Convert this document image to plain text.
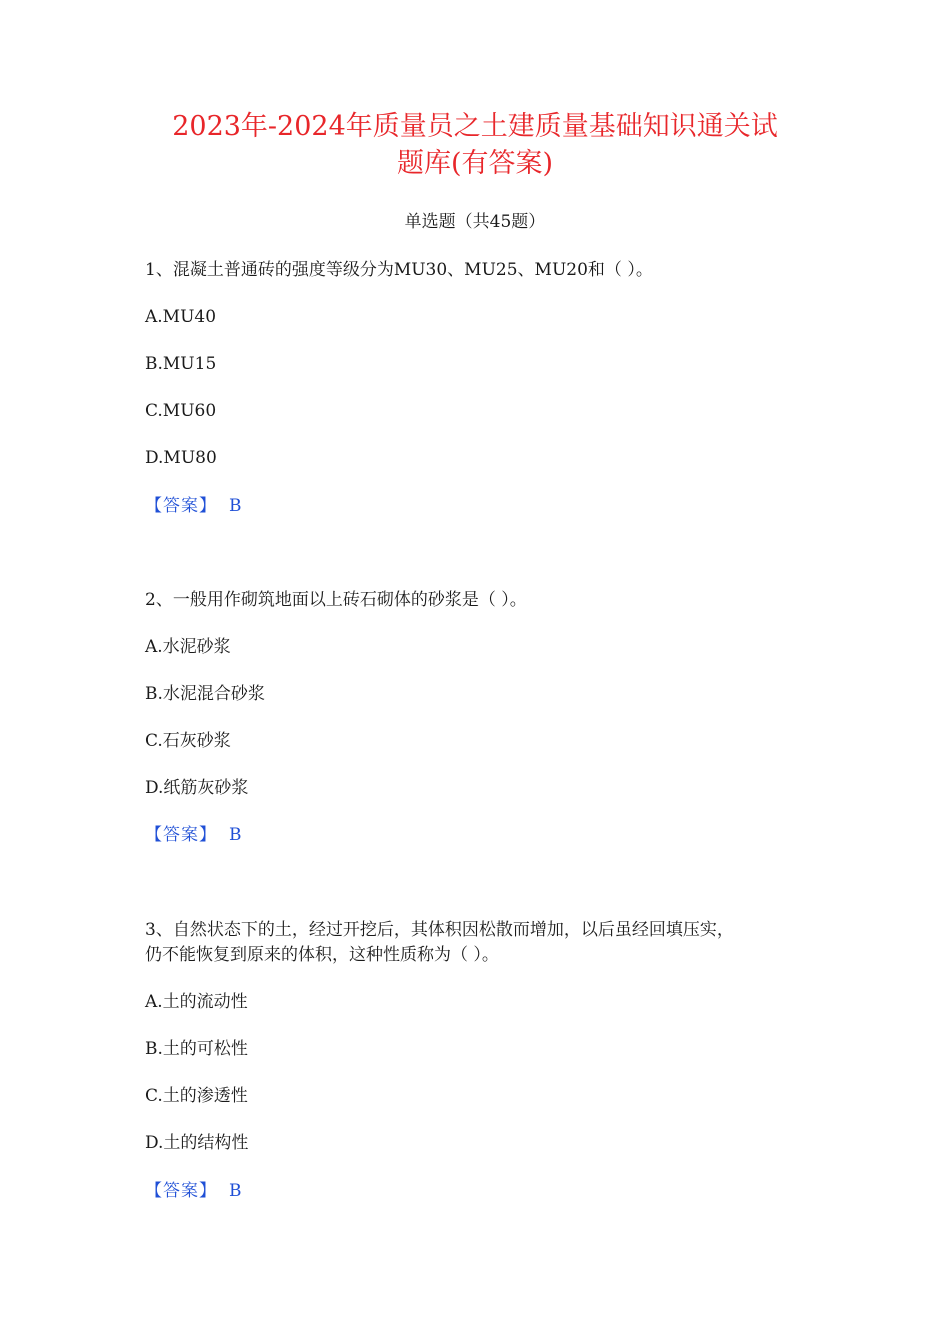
2023年-2024年质量员之土建质量基础知识通关试
题库(有答案)
单选题（共45题）
1、混凝土普通砖的强度等级分为MU30、MU25、MU20和（ ）。
A.MU40
B.MU15
C.MU60
D.MU80
【答案】 B
2、一般用作砌筑地面以上砖石砌体的砂浆是（ ）。
A.水泥砂浆
B.水泥混合砂浆
C.石灰砂浆
D.纸筋灰砂浆
【答案】 B
3、自然状态下的土，经过开挖后，其体积因松散而增加，以后虽经回填压实，
仍不能恢复到原来的体积，这种性质称为（ ）。
A.土的流动性
B.土的可松性
C.土的渗透性
D.土的结构性
【答案】 B
